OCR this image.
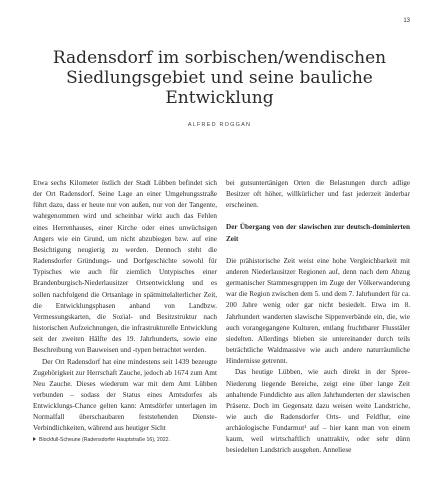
13
Radensdorf im sorbischen/wendischen Siedlungsgebiet und seine bauliche Entwicklung
ALFRED ROGGAN

Etwa sechs Kilometer östlich der Stadt Lübben befindet sich der Ort Radensdorf. Seine Lage an einer Umgehungsstraße führt dazu, dass er heute nur von außen, nur von der Tangente, wahrgenommen wird und scheinbar wirkt auch das Fehlen eines Herrenhauses, einer Kirche oder eines unwüchsigen Angers wie ein Grund, um nicht abzubiegen bzw. auf eine Besichtigung neugierig zu werden. Dennoch steht die Radensdorfer Gründungs- und Dorfgeschichte sowohl für Typisches wie auch für ziemlich Untypisches einer Brandenburgisch-Niederlausitzer Ortsentwicklung und es sollen nachfolgend die Ortsanlage in spätmittelalterlicher Zeit, die Entwicklungsphasen anhand von Landbzw. Vermessungskarten, die Sozial- und Besitzstruktur nach historischen Aufzeichnungen, die infrastrukturelle Entwicklung seit der zweiten Hälfte des 19. Jahrhunderts, sowie eine Beschreibung von Bauweisen und -typen betrachtet werden.

Der Ort Radensdorf hat eine mindestens seit 1439 bezeugte Zugehörigkeit zur Herrschaft Zauche, jedoch ab 1674 zum Amt Neu Zauche. Dieses wiederum war mit dem Amt Lübben verbunden – sodass der Status eines Amtsdorfes als Entwicklungs-Chance gelten kann: Amtsdörfer unterlagen im Normalfall überschaubaren feststehenden Dienste-Verbindlichkeiten, während aus heutiger Sicht

Blockfull-Scheune (Radensdorfer Hauptstraße 16), 2022.

bei gutsuntertänigen Orten die Belastungen durch adlige Besitzer oft höher, willkürlicher und fast jederzeit änderbar erscheinen.

Der Übergang von der slawischen zur deutsch-dominierten Zeit

Die prähistorische Zeit weist eine hohe Vergleichbarkeit mit anderen Niederlausitzer Regionen auf, denn nach dem Abzug germanischer Stammesgruppen im Zuge der Völkerwanderung war die Region zwischen dem 5. und dem 7. Jahrhundert für ca. 200 Jahre wenig oder gar nicht besiedelt. Etwa im 8. Jahrhundert wanderten slawische Sippenverbände ein, die, wie auch vorangegangene Kulturen, entlang fruchtbarer Flusstäler siedelten. Allerdings blieben sie untereinander durch teils beträchtliche Waldmassive wie auch andere naturräumliche Hindernisse getrennt.

Das heutige Lübben, wie auch direkt in der Spree-Niederung liegende Bereiche, zeigt eine über lange Zeit anhaltende Funddichte aus allen Jahrhunderten der slawischen Präsenz. Doch im Gegensatz dazu weisen weite Landstriche, wie auch die Radensdorfer Orts- und Feldflur, eine archäologische Fundarmut¹ auf – hier kann man von einem kaum, weil wirtschaftlich unattraktiv, oder sehr dünn besiedelten Landstrich ausgehen. Anneliese
